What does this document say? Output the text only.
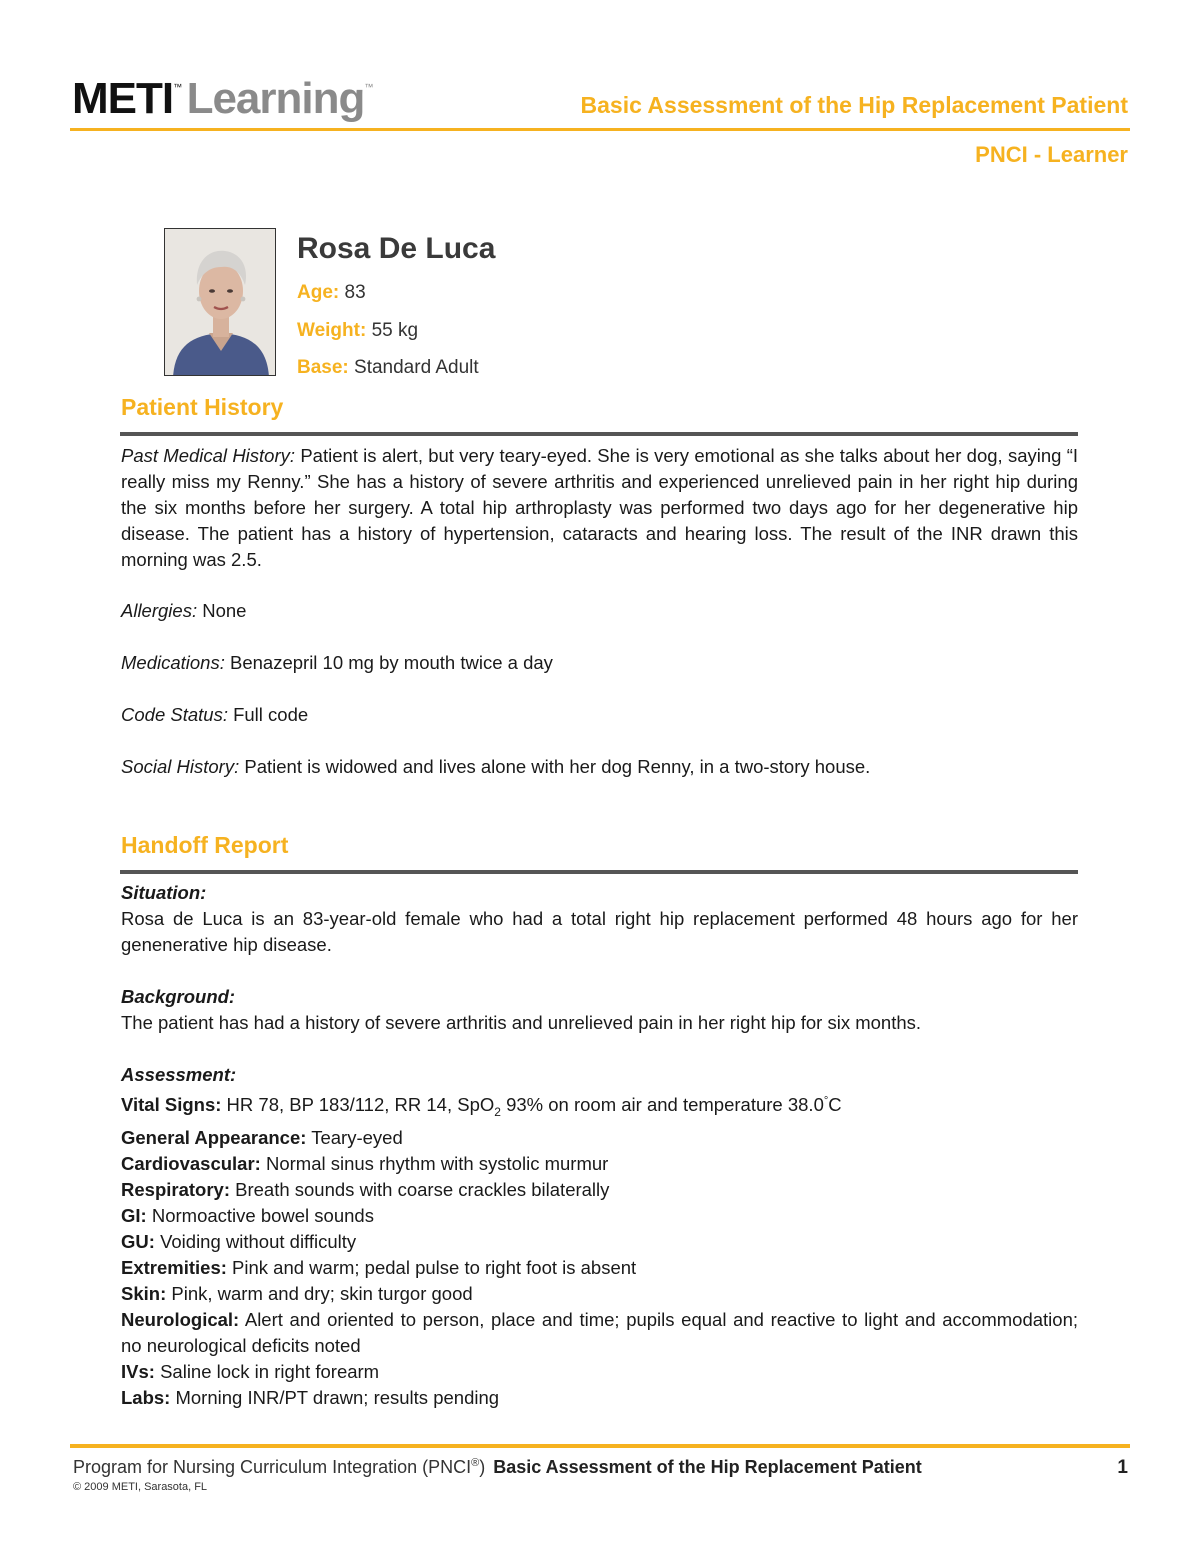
METI™ Learning™
Basic Assessment of the Hip Replacement Patient
PNCI - Learner
Rosa De Luca
Age: 83
Weight: 55 kg
Base: Standard Adult
Patient History
Past Medical History: Patient is alert, but very teary-eyed. She is very emotional as she talks about her dog, saying “I really miss my Renny.” She has a history of severe arthritis and experienced unrelieved pain in her right hip during the six months before her surgery. A total hip arthroplasty was performed two days ago for her degenerative hip disease. The patient has a history of hypertension, cataracts and hearing loss. The result of the INR drawn this morning was 2.5.
Allergies: None
Medications: Benazepril 10 mg by mouth twice a day
Code Status: Full code
Social History: Patient is widowed and lives alone with her dog Renny, in a two-story house.
Handoff Report
Situation:
Rosa de Luca is an 83-year-old female who had a total right hip replacement performed 48 hours ago for her genenerative hip disease.
Background:
The patient has had a history of severe arthritis and unrelieved pain in her right hip for six months.
Assessment:
Vital Signs: HR 78, BP 183/112, RR 14, SpO$_2$ 93% on room air and temperature 38.0°C
General Appearance: Teary-eyed
Cardiovascular: Normal sinus rhythm with systolic murmur
Respiratory: Breath sounds with coarse crackles bilaterally
GI: Normoactive bowel sounds
GU: Voiding without difficulty
Extremities: Pink and warm; pedal pulse to right foot is absent
Skin: Pink, warm and dry; skin turgor good
Neurological: Alert and oriented to person, place and time; pupils equal and reactive to light and accommodation; no neurological deficits noted
IVs: Saline lock in right forearm
Labs: Morning INR/PT drawn; results pending
Program for Nursing Curriculum Integration (PNCI®) Basic Assessment of the Hip Replacement Patient	1
© 2009 METI, Sarasota, FL
